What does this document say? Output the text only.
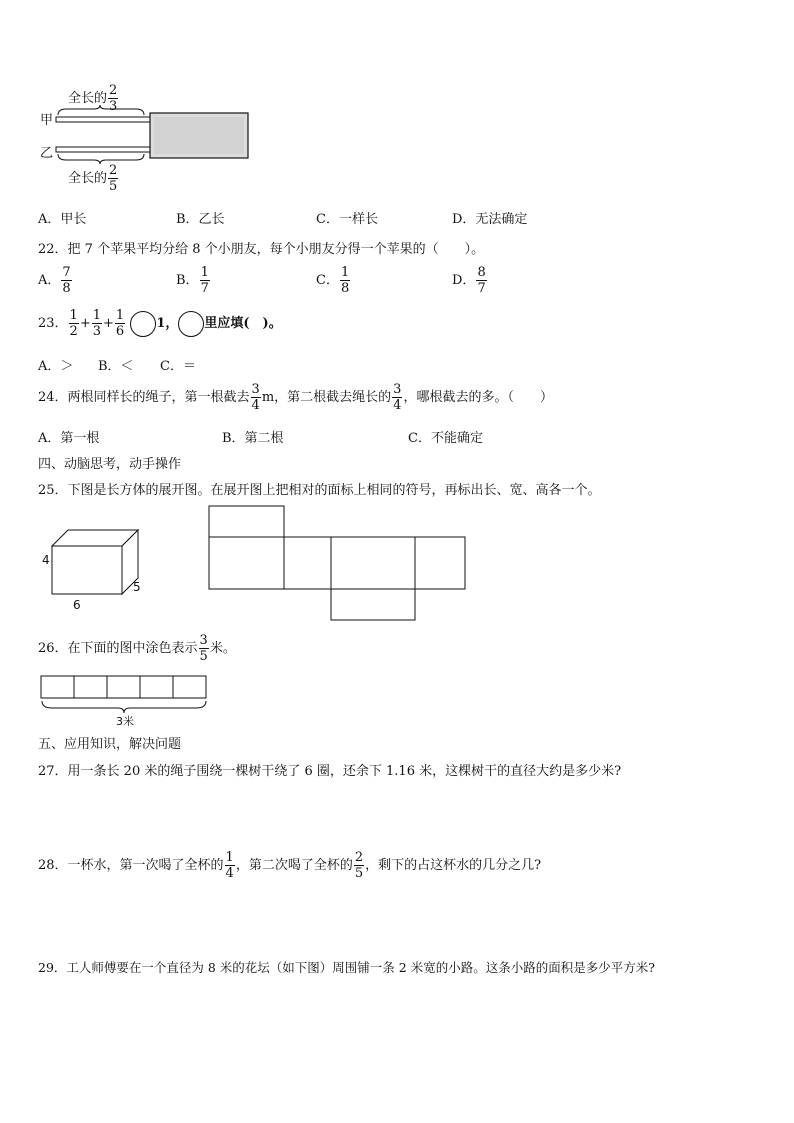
全长的 $\frac{2}{3}$
甲
乙
全长的 $\frac{2}{5}$
A．甲长	B．乙长	C．一样长	D．无法确定
22．把 7 个苹果平均分给 8 个小朋友，每个小朋友分得一个苹果的（　　）。
A． $\frac{7}{8}$	B． $\frac{1}{7}$	C． $\frac{1}{8}$	D． $\frac{8}{7}$
23． $\frac{1}{2} + \frac{1}{3} + \frac{1}{6} 1$， 里应填(　)。
A．＞ B．＜ C．＝
24．两根同样长的绳子，第一根截去 $\frac{3}{4}$ m，第二根截去绳长的 $\frac{3}{4}$ ，哪根截去的多。（　　）
A．第一根	B．第二根	C．不能确定
四、动脑思考，动手操作
25．下图是长方体的展开图。在展开图上把相对的面标上相同的符号，再标出长、宽、高各一个。
4
5
6
26．在下面的图中涂色表示 $\frac{3}{5}$ 米。
3米
五、应用知识，解决问题
27．用一条长 20 米的绳子围绕一棵树干绕了 6 圈，还余下 1.16 米，这棵树干的直径大约是多少米?
28．一杯水，第一次喝了全杯的 $\frac{1}{4}$ ，第二次喝了全杯的 $\frac{2}{5}$ ，剩下的占这杯水的几分之几?
29．工人师傅要在一个直径为 8 米的花坛（如下图）周围铺一条 2 米宽的小路。这条小路的面积是多少平方米?
